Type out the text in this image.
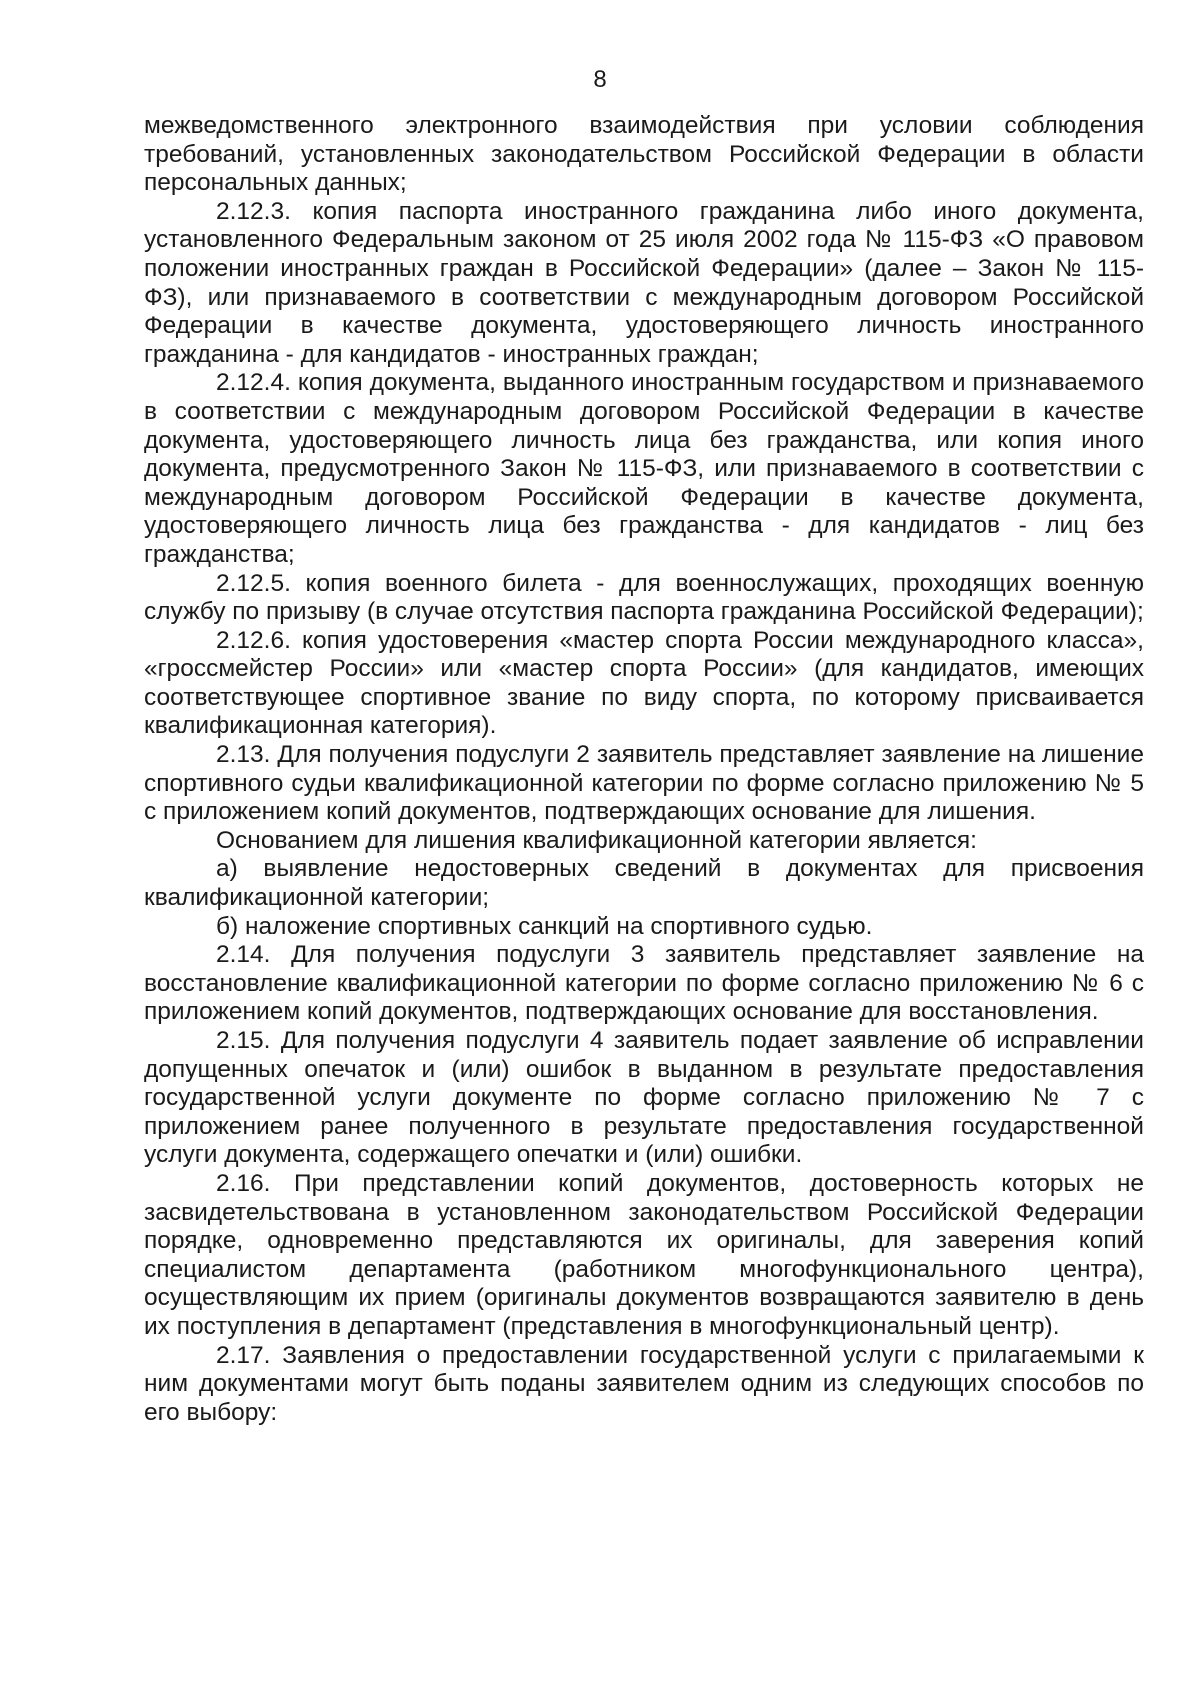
8

межведомственного электронного взаимодействия при условии соблюдения требований, установленных законодательством Российской Федерации в области персональных данных;

2.12.3. копия паспорта иностранного гражданина либо иного документа, установленного Федеральным законом от 25 июля 2002 года № 115-ФЗ «О правовом положении иностранных граждан в Российской Федерации» (далее – Закон № 115-ФЗ), или признаваемого в соответствии с международным договором Российской Федерации в качестве документа, удостоверяющего личность иностранного гражданина - для кандидатов - иностранных граждан;

2.12.4. копия документа, выданного иностранным государством и признаваемого в соответствии с международным договором Российской Федерации в качестве документа, удостоверяющего личность лица без гражданства, или копия иного документа, предусмотренного Закон № 115-ФЗ, или признаваемого в соответствии с международным договором Российской Федерации в качестве документа, удостоверяющего личность лица без гражданства - для кандидатов - лиц без гражданства;

2.12.5. копия военного билета - для военнослужащих, проходящих военную службу по призыву (в случае отсутствия паспорта гражданина Российской Федерации);

2.12.6. копия удостоверения «мастер спорта России международного класса», «гроссмейстер России» или «мастер спорта России» (для кандидатов, имеющих соответствующее спортивное звание по виду спорта, по которому присваивается квалификационная категория).

2.13. Для получения подуслуги 2 заявитель представляет заявление на лишение спортивного судьи квалификационной категории по форме согласно приложению № 5 с приложением копий документов, подтверждающих основание для лишения.

Основанием для лишения квалификационной категории является:

а) выявление недостоверных сведений в документах для присвоения квалификационной категории;

б) наложение спортивных санкций на спортивного судью.

2.14. Для получения подуслуги 3 заявитель представляет заявление на восстановление квалификационной категории по форме согласно приложению № 6 с приложением копий документов, подтверждающих основание для восстановления.

2.15. Для получения подуслуги 4 заявитель подает заявление об исправлении допущенных опечаток и (или) ошибок в выданном в результате предоставления государственной услуги документе по форме согласно приложению № 7 с приложением ранее полученного в результате предоставления государственной услуги документа, содержащего опечатки и (или) ошибки.

2.16. При представлении копий документов, достоверность которых не засвидетельствована в установленном законодательством Российской Федерации порядке, одновременно представляются их оригиналы, для заверения копий специалистом департамента (работником многофункционального центра), осуществляющим их прием (оригиналы документов возвращаются заявителю в день их поступления в департамент (представления в многофункциональный центр).

2.17. Заявления о предоставлении государственной услуги с прилагаемыми к ним документами могут быть поданы заявителем одним из следующих способов по его выбору:
